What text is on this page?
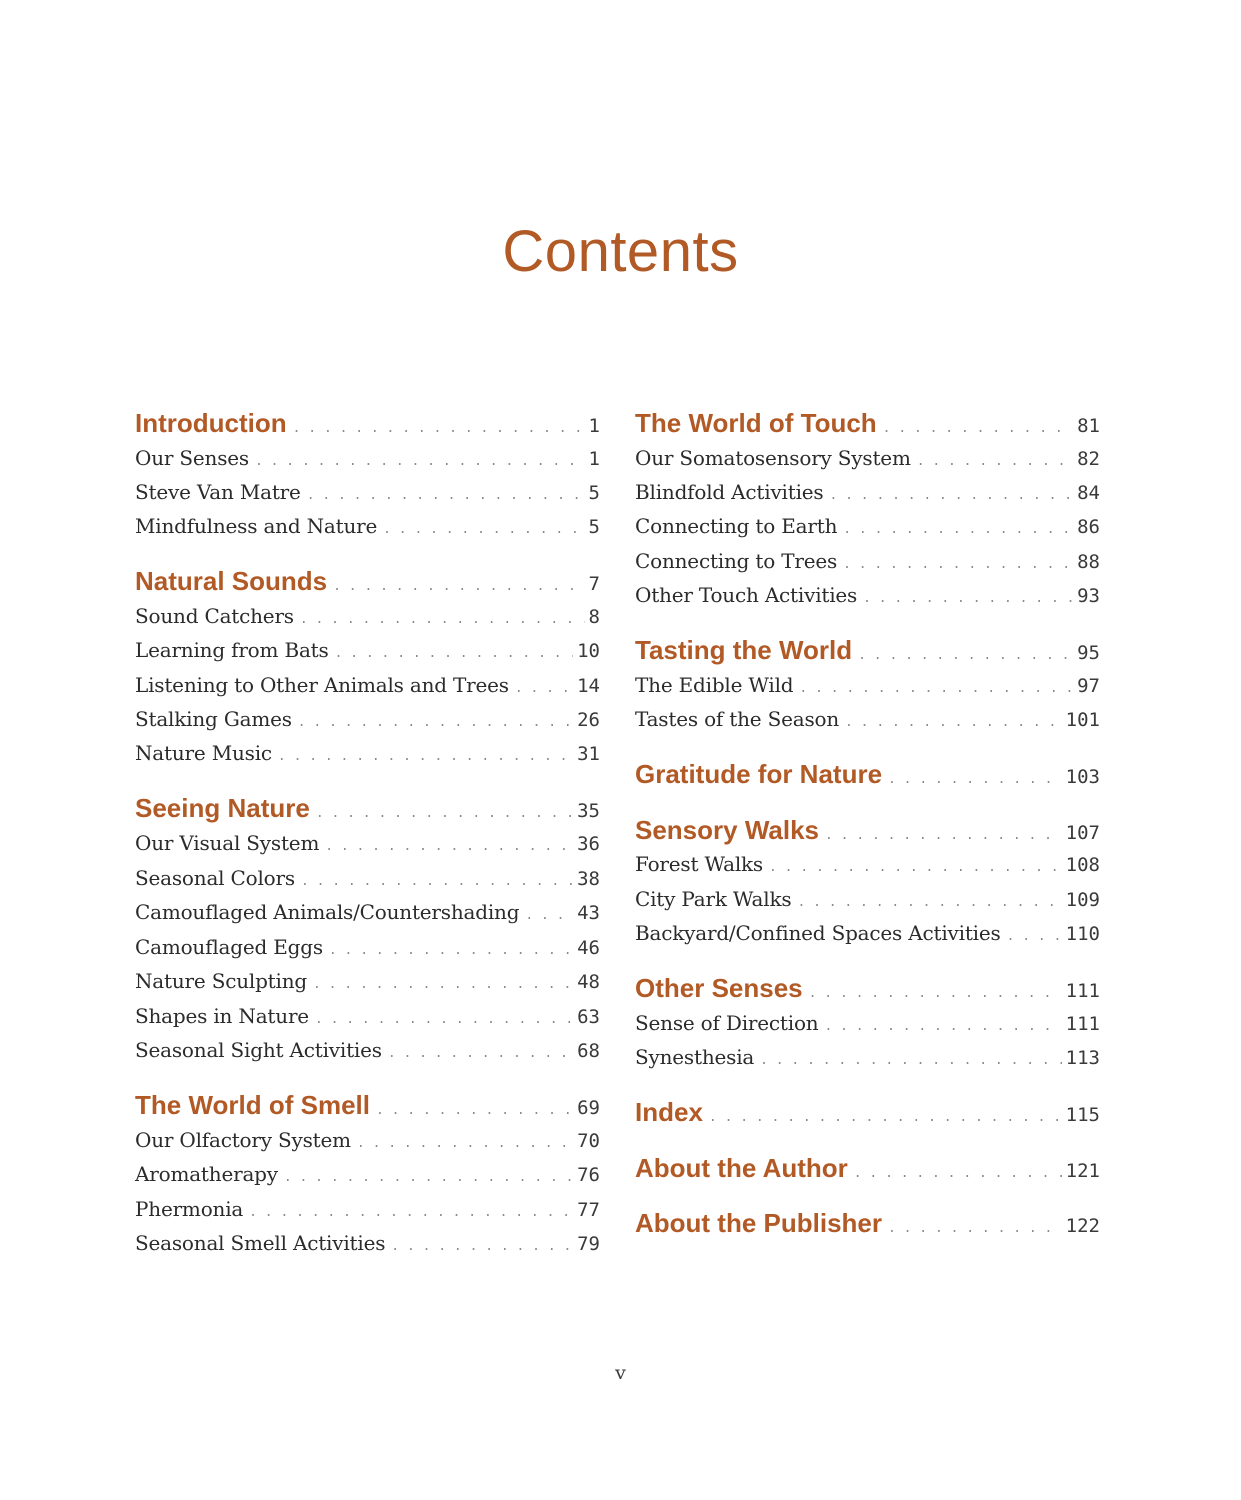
Contents
Introduction . . .	1
Our Senses . . .	1
Steve Van Matre . . .	5
Mindfulness and Nature . . .	5
Natural Sounds . . .	7
Sound Catchers . . .	8
Learning from Bats . . .	10
Listening to Other Animals and Trees . . .	14
Stalking Games . . .	26
Nature Music . . .	31
Seeing Nature . . .	35
Our Visual System . . .	36
Seasonal Colors . . .	38
Camouflaged Animals/Countershading . . .	43
Camouflaged Eggs . . .	46
Nature Sculpting . . .	48
Shapes in Nature . . .	63
Seasonal Sight Activities . . .	68
The World of Smell . . .	69
Our Olfactory System . . .	70
Aromatherapy . . .	76
Phermonia . . .	77
Seasonal Smell Activities . . .	79
The World of Touch . . .	81
Our Somatosensory System . . .	82
Blindfold Activities . . .	84
Connecting to Earth . . .	86
Connecting to Trees . . .	88
Other Touch Activities . . .	93
Tasting the World . . .	95
The Edible Wild . . .	97
Tastes of the Season . . .	101
Gratitude for Nature . . .	103
Sensory Walks . . .	107
Forest Walks . . .	108
City Park Walks . . .	109
Backyard/Confined Spaces Activities . . .	110
Other Senses . . .	111
Sense of Direction . . .	111
Synesthesia . . .	113
Index . . .	115
About the Author . . .	121
About the Publisher . . .	122
v
